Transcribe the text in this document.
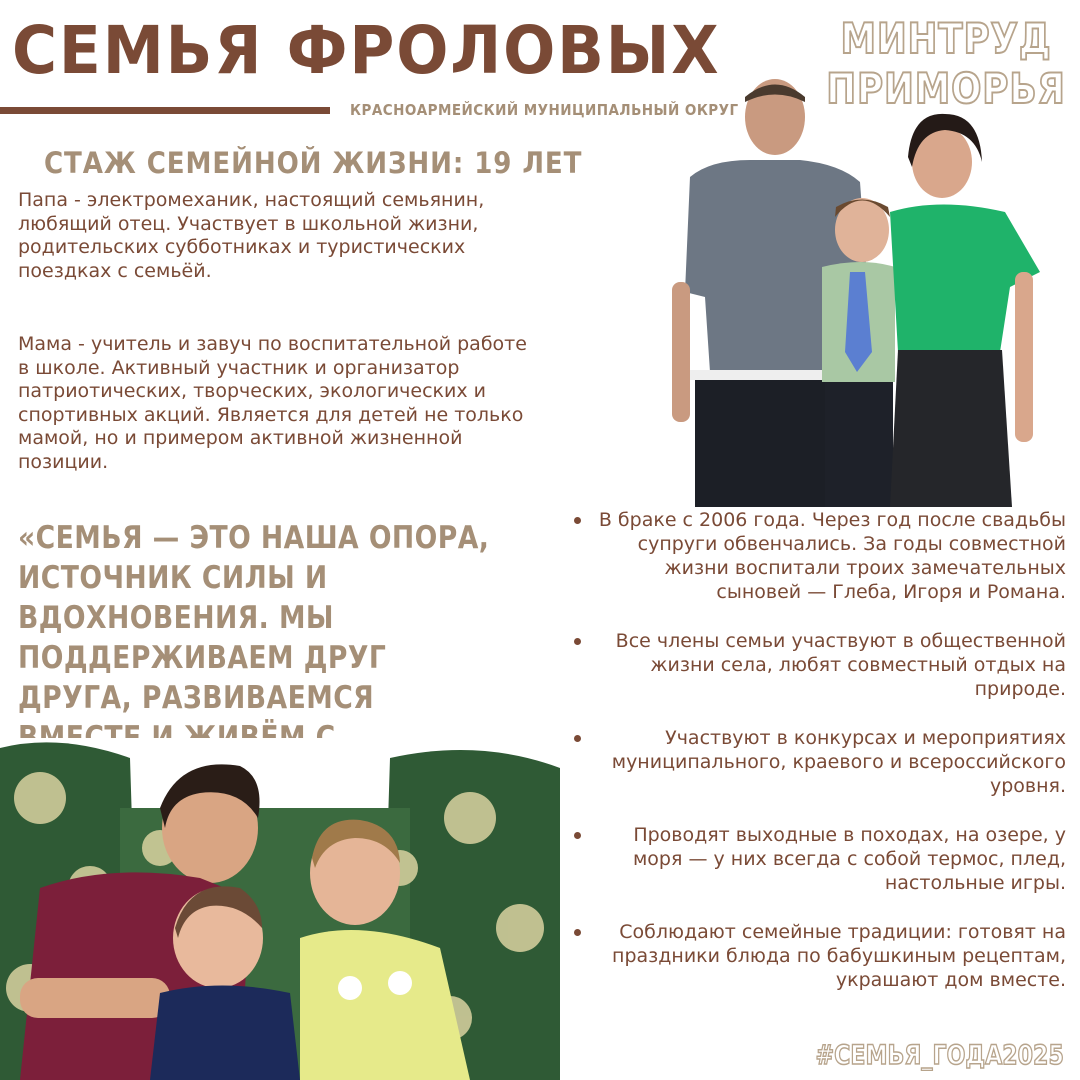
СЕМЬЯ ФРОЛОВЫХ
КРАСНОАРМЕЙСКИЙ МУНИЦИПАЛЬНЫЙ ОКРУГ
МИНТРУД
ПРИМОРЬЯ
СТАЖ СЕМЕЙНОЙ ЖИЗНИ: 19 ЛЕТ
Папа - электромеханик, настоящий семьянин, любящий отец. Участвует в школьной жизни, родительских субботниках и туристических поездках с семьёй.
Мама - учитель и завуч по воспитательной работе в школе. Активный участник и организатор патриотических, творческих, экологических и спортивных акций. Является для детей не только мамой, но и примером активной жизненной позиции.
«СЕМЬЯ — ЭТО НАША ОПОРА, ИСТОЧНИК СИЛЫ И ВДОХНОВЕНИЯ. МЫ ПОДДЕРЖИВАЕМ ДРУГ ДРУГА, РАЗВИВАЕМСЯ
В браке с 2006 года. Через год после свадьбы супруги обвенчались. За годы совместной жизни воспитали троих замечательных сыновей — Глеба, Игоря и Романа.
Все члены семьи участвуют в общественной жизни села, любят совместный отдых на природе.
Участвуют в конкурсах и мероприятиях муниципального, краевого и всероссийского уровня.
Проводят выходные в походах, на озере, у моря — у них всегда с собой термос, плед, настольные игры.
Соблюдают семейные традиции: готовят на праздники блюда по бабушкиным рецептам, украшают дом вместе.
#СЕМЬЯ_ГОДА2025
